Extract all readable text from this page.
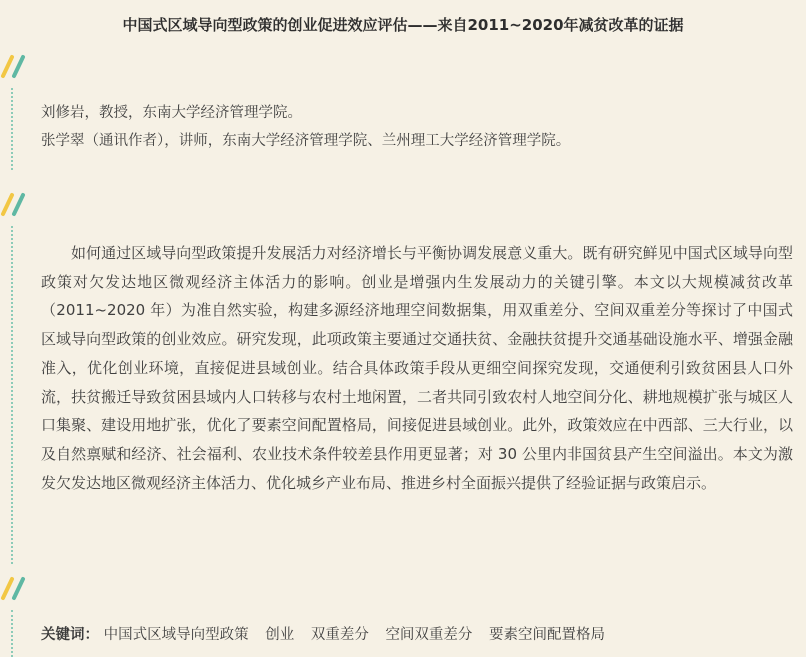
中国式区域导向型政策的创业促进效应评估——来自2011~2020年减贫改革的证据
刘修岩，教授，东南大学经济管理学院。
张学翠（通讯作者），讲师，东南大学经济管理学院、兰州理工大学经济管理学院。

如何通过区域导向型政策提升发展活力对经济增长与平衡协调发展意义重大。既有研究鲜见中国式区域导向型政策对欠发达地区微观经济主体活力的影响。创业是增强内生发展动力的关键引擎。本文以大规模减贫改革（2011~2020 年）为准自然实验，构建多源经济地理空间数据集，用双重差分、空间双重差分等探讨了中国式区域导向型政策的创业效应。研究发现，此项政策主要通过交通扶贫、金融扶贫提升交通基础设施水平、增强金融准入，优化创业环境，直接促进县域创业。结合具体政策手段从更细空间探究发现，交通便利引致贫困县人口外流，扶贫搬迁导致贫困县域内人口转移与农村土地闲置，二者共同引致农村人地空间分化、耕地规模扩张与城区人口集聚、建设用地扩张，优化了要素空间配置格局，间接促进县域创业。此外，政策效应在中西部、三大行业，以及自然禀赋和经济、社会福利、农业技术条件较差县作用更显著；对 30 公里内非国贫县产生空间溢出。本文为激发欠发达地区微观经济主体活力、优化城乡产业布局、推进乡村全面振兴提供了经验证据与政策启示。

关键词： 中国式区域导向型政策 创业 双重差分 空间双重差分 要素空间配置格局
